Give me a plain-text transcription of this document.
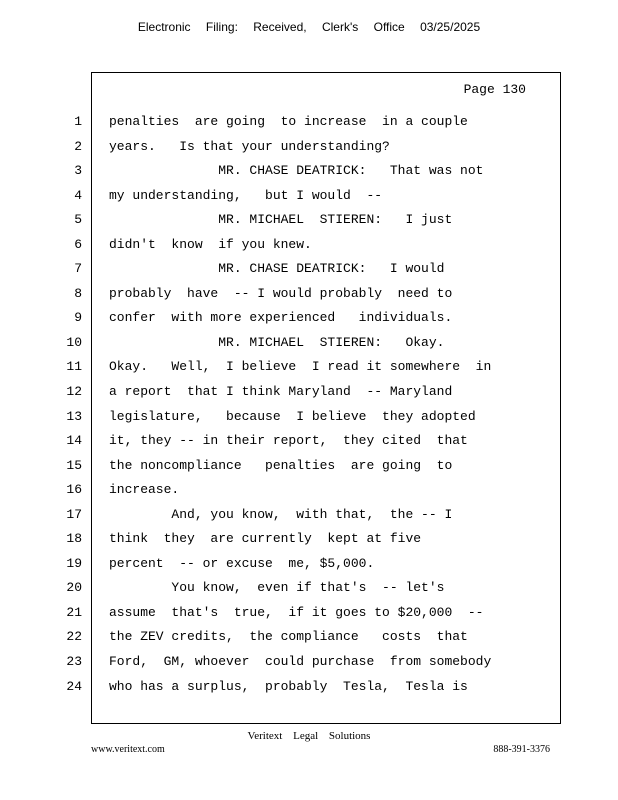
Electronic Filing: Received, Clerk's Office 03/25/2025
Page 130
1 penalties  are going  to increase  in a couple
2 years.   Is that your understanding?
3 MR. CHASE DEATRICK:   That was not
4 my understanding,   but I would  --
5 MR. MICHAEL  STIEREN:   I just
6 didn't  know  if you knew.
7 MR. CHASE DEATRICK:   I would
8 probably  have  -- I would probably  need to
9 confer  with more experienced   individuals.
10 MR. MICHAEL  STIEREN:   Okay.
11 Okay.   Well,  I believe  I read it somewhere  in
12 a report  that I think Maryland  -- Maryland
13 legislature,   because  I believe  they adopted
14 it, they -- in their report,  they cited  that
15 the noncompliance   penalties  are going  to
16 increase.
17 And, you know,  with that,  the -- I
18 think  they  are currently  kept at five
19 percent  -- or excuse  me, $5,000.
20 You know,  even if that's  -- let's
21 assume  that's  true,  if it goes to $20,000  --
22 the ZEV credits,  the compliance   costs  that
23 Ford,  GM, whoever  could purchase  from somebody
24 who has a surplus,  probably  Tesla,  Tesla is
Veritext Legal Solutions
www.veritext.com	888-391-3376
